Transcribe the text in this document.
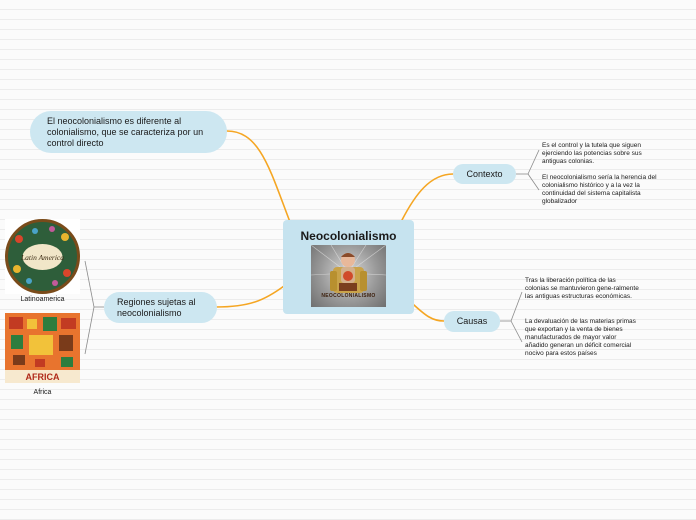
El neocolonialismo es diferente al colonialismo, que se caracteriza por un control directo
Regiones sujetas al neocolonialismo
Contexto
Causas
Neocolonialismo
NEOCOLONIALISMO

Es el control y la tutela que siguen ejerciendo las potencias sobre sus antiguas colonias.

El neocolonialismo sería la herencia del colonialismo histórico y a la vez la continuidad del sistema capitalista globalizador

Tras la liberación política de las colonias se mantuvieron gene-ralmente las antiguas estructuras económicas.

La devaluación de las materias primas que exportan y la venta de bienes manufacturados de mayor valor añadido generan un déficit comercial nocivo para estos países

Latin America
Latinoamerica
AFRICA
Africa
